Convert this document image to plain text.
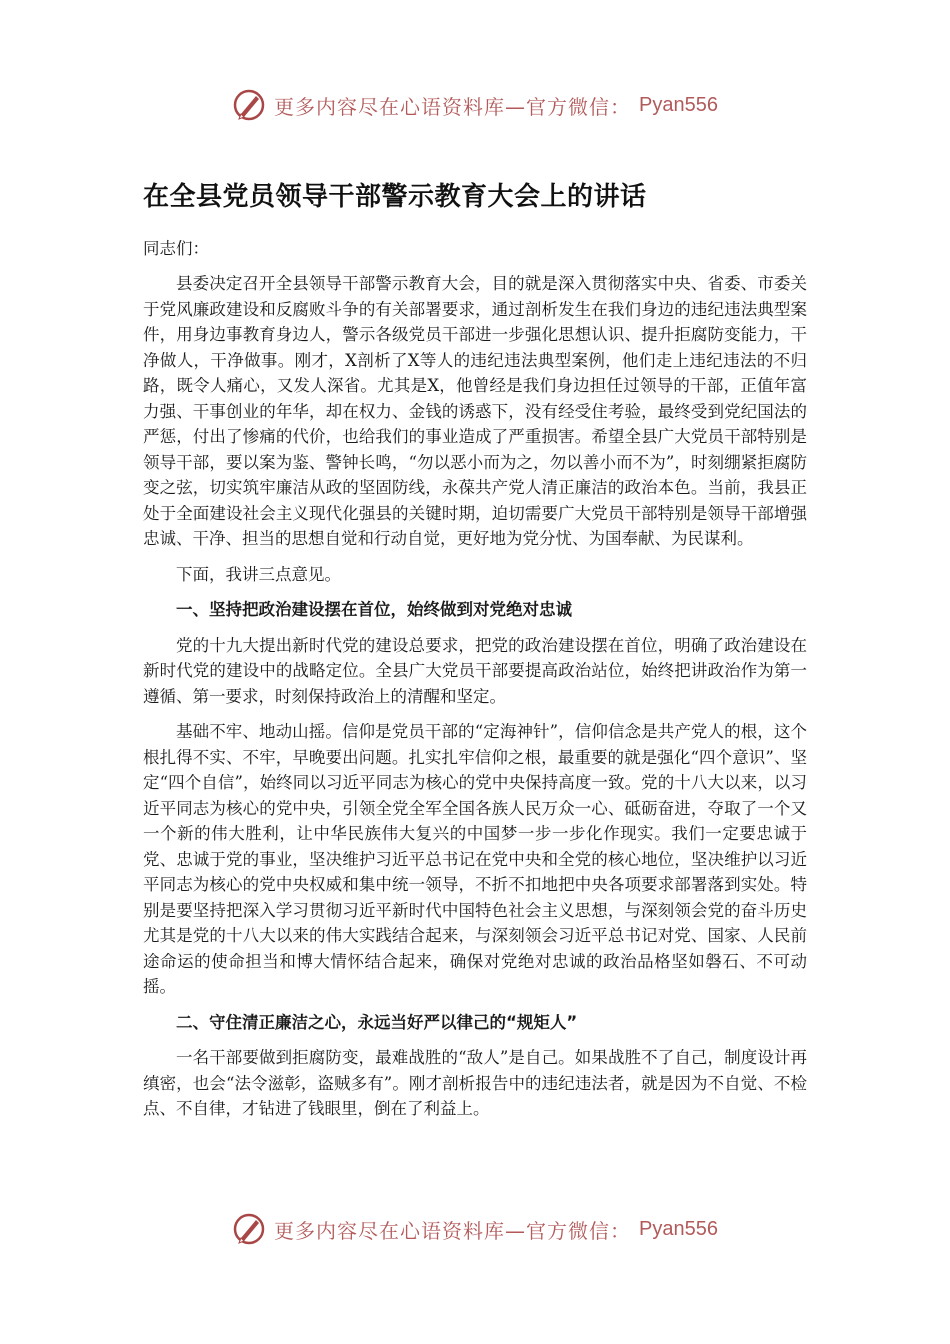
更多内容尽在心语资料库—官方微信： Pyan556
在全县党员领导干部警示教育大会上的讲话
同志们：

县委决定召开全县领导干部警示教育大会，目的就是深入贯彻落实中央、省委、市委关于党风廉政建设和反腐败斗争的有关部署要求，通过剖析发生在我们身边的违纪违法典型案件，用身边事教育身边人，警示各级党员干部进一步强化思想认识、提升拒腐防变能力，干净做人，干净做事。刚才，X剖析了X等人的违纪违法典型案例，他们走上违纪违法的不归路，既令人痛心，又发人深省。尤其是X，他曾经是我们身边担任过领导的干部，正值年富力强、干事创业的年华，却在权力、金钱的诱惑下，没有经受住考验，最终受到党纪国法的严惩，付出了惨痛的代价，也给我们的事业造成了严重损害。希望全县广大党员干部特别是领导干部，要以案为鉴、警钟长鸣，“勿以恶小而为之，勿以善小而不为”，时刻绷紧拒腐防变之弦，切实筑牢廉洁从政的坚固防线，永葆共产党人清正廉洁的政治本色。当前，我县正处于全面建设社会主义现代化强县的关键时期，迫切需要广大党员干部特别是领导干部增强忠诚、干净、担当的思想自觉和行动自觉，更好地为党分忧、为国奉献、为民谋利。

下面，我讲三点意见。

一、坚持把政治建设摆在首位，始终做到对党绝对忠诚

党的十九大提出新时代党的建设总要求，把党的政治建设摆在首位，明确了政治建设在新时代党的建设中的战略定位。全县广大党员干部要提高政治站位，始终把讲政治作为第一遵循、第一要求，时刻保持政治上的清醒和坚定。

基础不牢、地动山摇。信仰是党员干部的“定海神针”，信仰信念是共产党人的根，这个根扎得不实、不牢，早晚要出问题。扎实扎牢信仰之根，最重要的就是强化“四个意识”、坚定“四个自信”，始终同以习近平同志为核心的党中央保持高度一致。党的十八大以来，以习近平同志为核心的党中央，引领全党全军全国各族人民万众一心、砥砺奋进，夺取了一个又一个新的伟大胜利，让中华民族伟大复兴的中国梦一步一步化作现实。我们一定要忠诚于党、忠诚于党的事业，坚决维护习近平总书记在党中央和全党的核心地位，坚决维护以习近平同志为核心的党中央权威和集中统一领导，不折不扣地把中央各项要求部署落到实处。特别是要坚持把深入学习贯彻习近平新时代中国特色社会主义思想，与深刻领会党的奋斗历史尤其是党的十八大以来的伟大实践结合起来，与深刻领会习近平总书记对党、国家、人民前途命运的使命担当和博大情怀结合起来，确保对党绝对忠诚的政治品格坚如磐石、不可动摇。

二、守住清正廉洁之心，永远当好严以律己的“规矩人”

一名干部要做到拒腐防变，最难战胜的“敌人”是自己。如果战胜不了自己，制度设计再缜密，也会“法令滋彰，盗贼多有”。刚才剖析报告中的违纪违法者，就是因为不自觉、不检点、不自律，才钻进了钱眼里，倒在了利益上。

更多内容尽在心语资料库—官方微信： Pyan556
